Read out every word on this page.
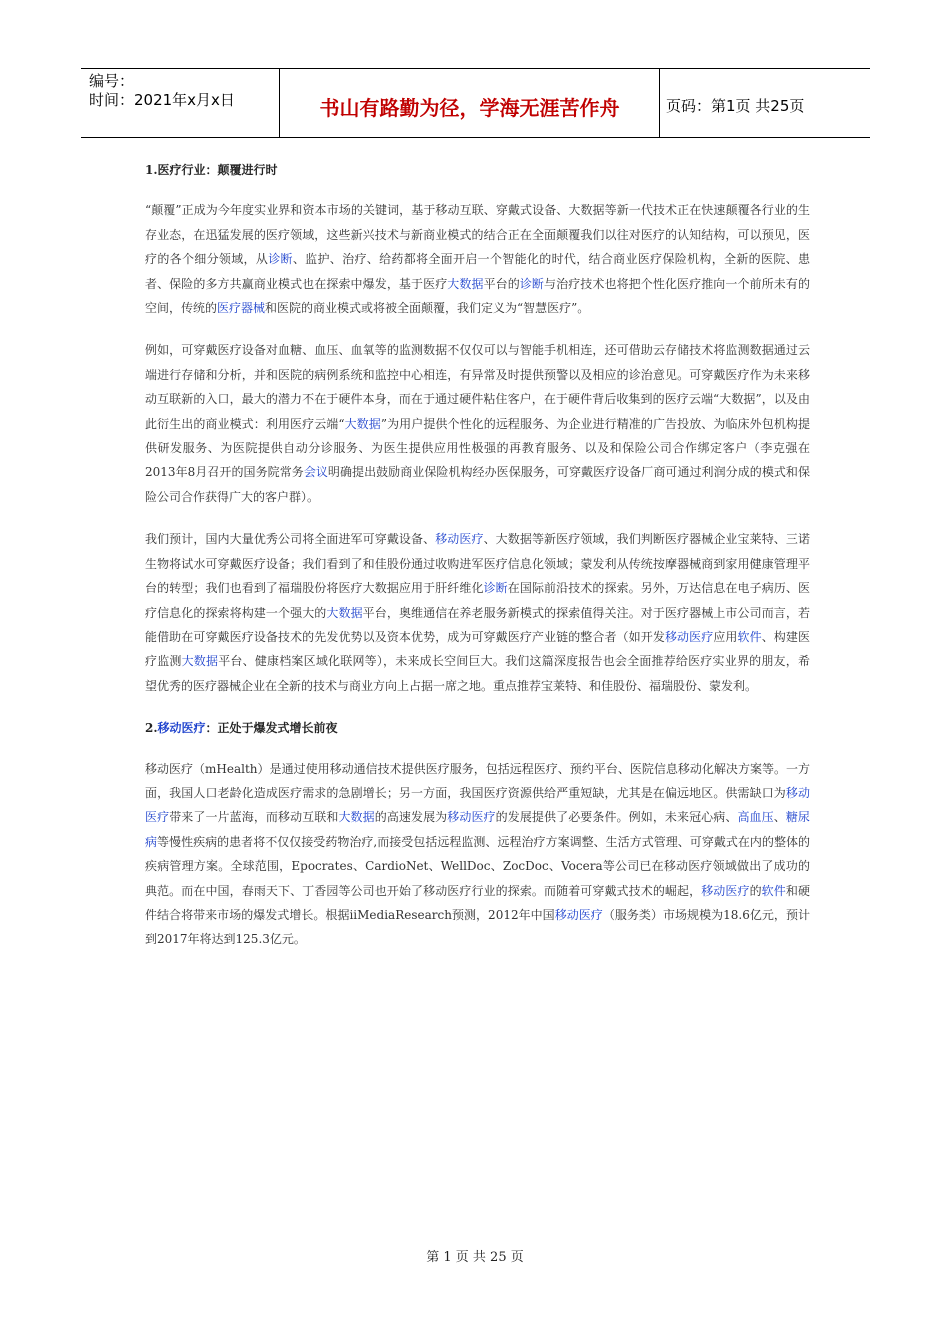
编号：
时间：2021年x月x日	书山有路勤为径，学海无涯苦作舟	页码：第1页 共25页
1.医疗行业：颠覆进行时
“颠覆”正成为今年度实业界和资本市场的关键词，基于移动互联、穿戴式设备、大数据等新一代技术正在快速颠覆各行业的生存业态，在迅猛发展的医疗领域，这些新兴技术与新商业模式的结合正在全面颠覆我们以往对医疗的认知结构，可以预见，医疗的各个细分领域，从诊断、监护、治疗、给药都将全面开启一个智能化的时代，结合商业医疗保险机构，全新的医院、患者、保险的多方共赢商业模式也在探索中爆发，基于医疗大数据平台的诊断与治疗技术也将把个性化医疗推向一个前所未有的空间，传统的医疗器械和医院的商业模式或将被全面颠覆，我们定义为“智慧医疗”。
例如，可穿戴医疗设备对血糖、血压、血氧等的监测数据不仅仅可以与智能手机相连，还可借助云存储技术将监测数据通过云端进行存储和分析，并和医院的病例系统和监控中心相连，有异常及时提供预警以及相应的诊治意见。可穿戴医疗作为未来移动互联新的入口，最大的潜力不在于硬件本身，而在于通过硬件粘住客户，在于硬件背后收集到的医疗云端“大数据”，以及由此衍生出的商业模式：利用医疗云端“大数据”为用户提供个性化的远程服务、为企业进行精准的广告投放、为临床外包机构提供研发服务、为医院提供自动分诊服务、为医生提供应用性极强的再教育服务、以及和保险公司合作绑定客户（李克强在2013年8月召开的国务院常务会议明确提出鼓励商业保险机构经办医保服务，可穿戴医疗设备厂商可通过利润分成的模式和保险公司合作获得广大的客户群）。
我们预计，国内大量优秀公司将全面进军可穿戴设备、移动医疗、大数据等新医疗领域，我们判断医疗器械企业宝莱特、三诺生物将试水可穿戴医疗设备；我们看到了和佳股份通过收购进军医疗信息化领域；蒙发利从传统按摩器械商到家用健康管理平台的转型；我们也看到了福瑞股份将医疗大数据应用于肝纤维化诊断在国际前沿技术的探索。另外，万达信息在电子病历、医疗信息化的探索将构建一个强大的大数据平台，奥维通信在养老服务新模式的探索值得关注。对于医疗器械上市公司而言，若能借助在可穿戴医疗设备技术的先发优势以及资本优势，成为可穿戴医疗产业链的整合者（如开发移动医疗应用软件、构建医疗监测大数据平台、健康档案区域化联网等），未来成长空间巨大。我们这篇深度报告也会全面推荐给医疗实业界的朋友，希望优秀的医疗器械企业在全新的技术与商业方向上占据一席之地。重点推荐宝莱特、和佳股份、福瑞股份、蒙发利。
2.移动医疗：正处于爆发式增长前夜
移动医疗（mHealth）是通过使用移动通信技术提供医疗服务，包括远程医疗、预约平台、医院信息移动化解决方案等。一方面，我国人口老龄化造成医疗需求的急剧增长；另一方面，我国医疗资源供给严重短缺，尤其是在偏远地区。供需缺口为移动医疗带来了一片蓝海，而移动互联和大数据的高速发展为移动医疗的发展提供了必要条件。例如，未来冠心病、高血压、糖尿病等慢性疾病的患者将不仅仅接受药物治疗,而接受包括远程监测、远程治疗方案调整、生活方式管理、可穿戴式在内的整体的疾病管理方案。全球范围，Epocrates、CardioNet、WellDoc、ZocDoc、Vocera等公司已在移动医疗领域做出了成功的典范。而在中国，春雨天下、丁香园等公司也开始了移动医疗行业的探索。而随着可穿戴式技术的崛起，移动医疗的软件和硬件结合将带来市场的爆发式增长。根据iiMediaResearch预测，2012年中国移动医疗（服务类）市场规模为18.6亿元，预计到2017年将达到125.3亿元。
第 1 页 共 25 页
